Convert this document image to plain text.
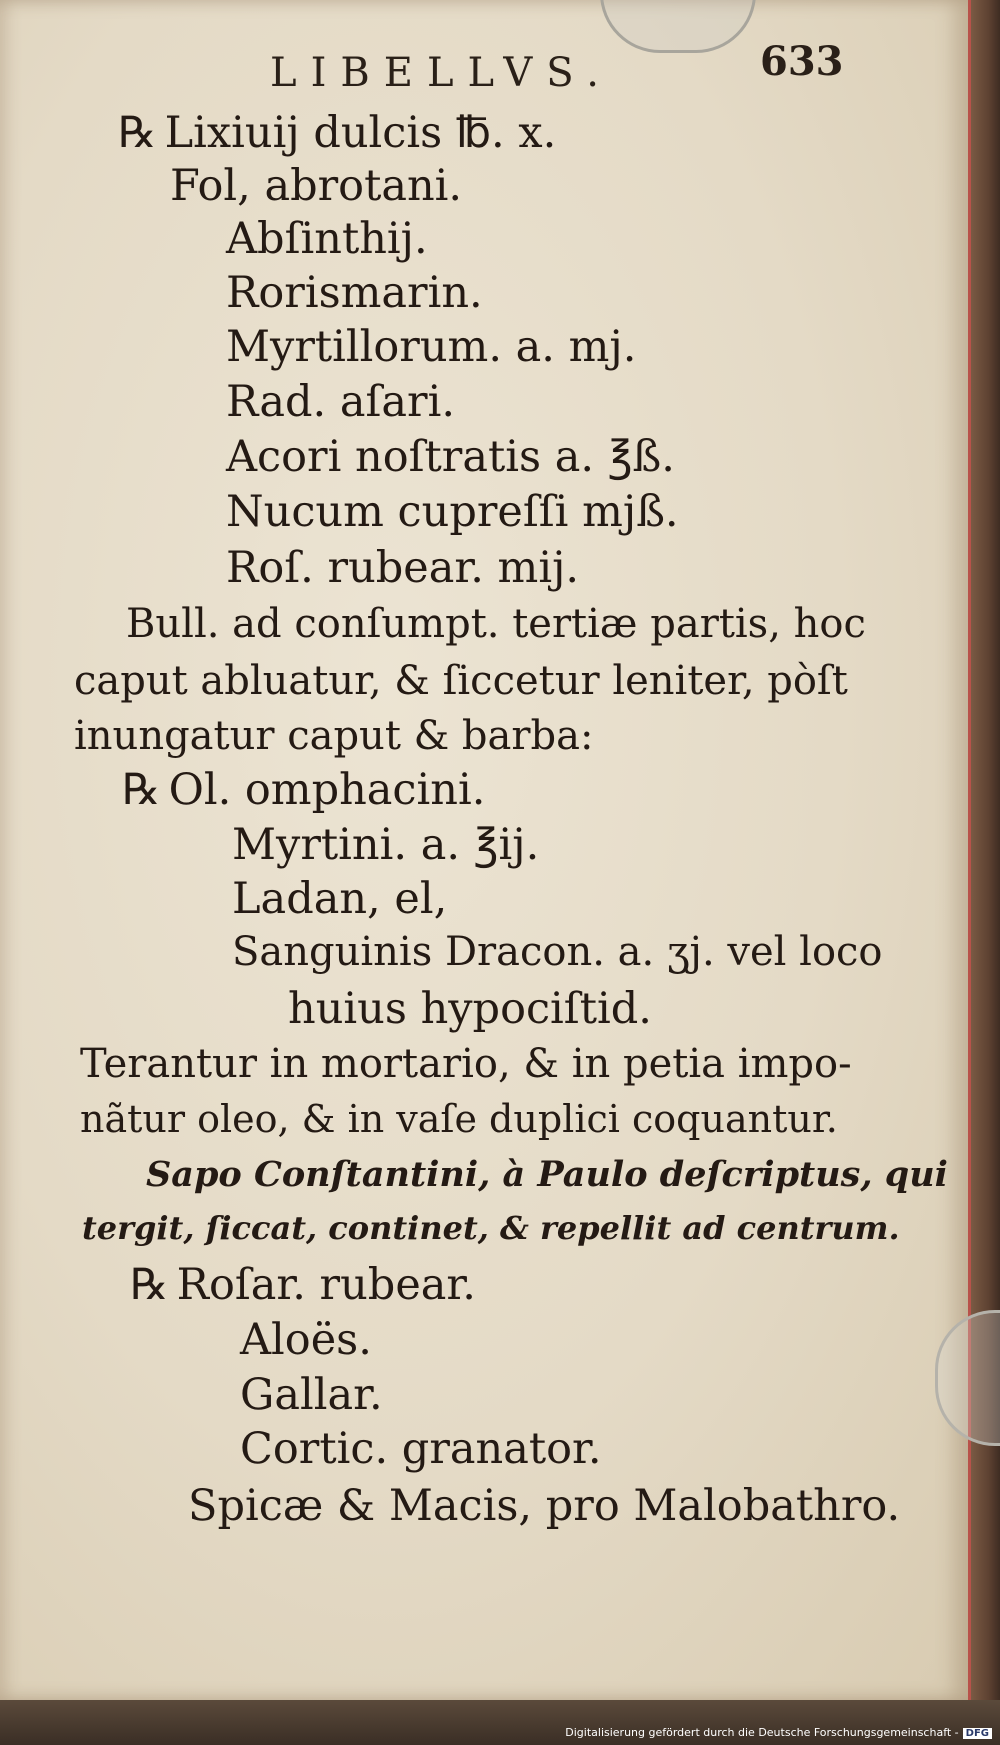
LIBELLVS.	633
℞ Lixiuij dulcis ℔. x.
Fol, abrotani.
Abſinthij.
Rorismarin.
Myrtillorum. a. mj.
Rad. aſari.
Acori noſtratis a. ℥ß.
Nucum cupreſſi mjß.
Roſ. rubear. mij.
Bull. ad conſumpt. tertiæ partis, hoc
caput abluatur, & ſiccetur leniter, pòſt
inungatur caput & barba:
℞ Ol. omphacini.
Myrtini. a. ℥ij.
Ladan, el,
Sanguinis Dracon. a. ʒj. vel loco
huius hypociſtid.
Terantur in mortario, & in petia impo-
nãtur oleo, & in vaſe duplici coquantur.
Sapo Conſtantini, à Paulo deſcriptus, qui
tergit, ſiccat, continet, & repellit ad centrum.
℞ Roſar. rubear.
Aloës.
Gallar.
Cortic. granator.
Spicæ & Macis, pro Malobathro.
Digitalisierung gefördert durch die Deutsche Forschungsgemeinschaft - DFG
